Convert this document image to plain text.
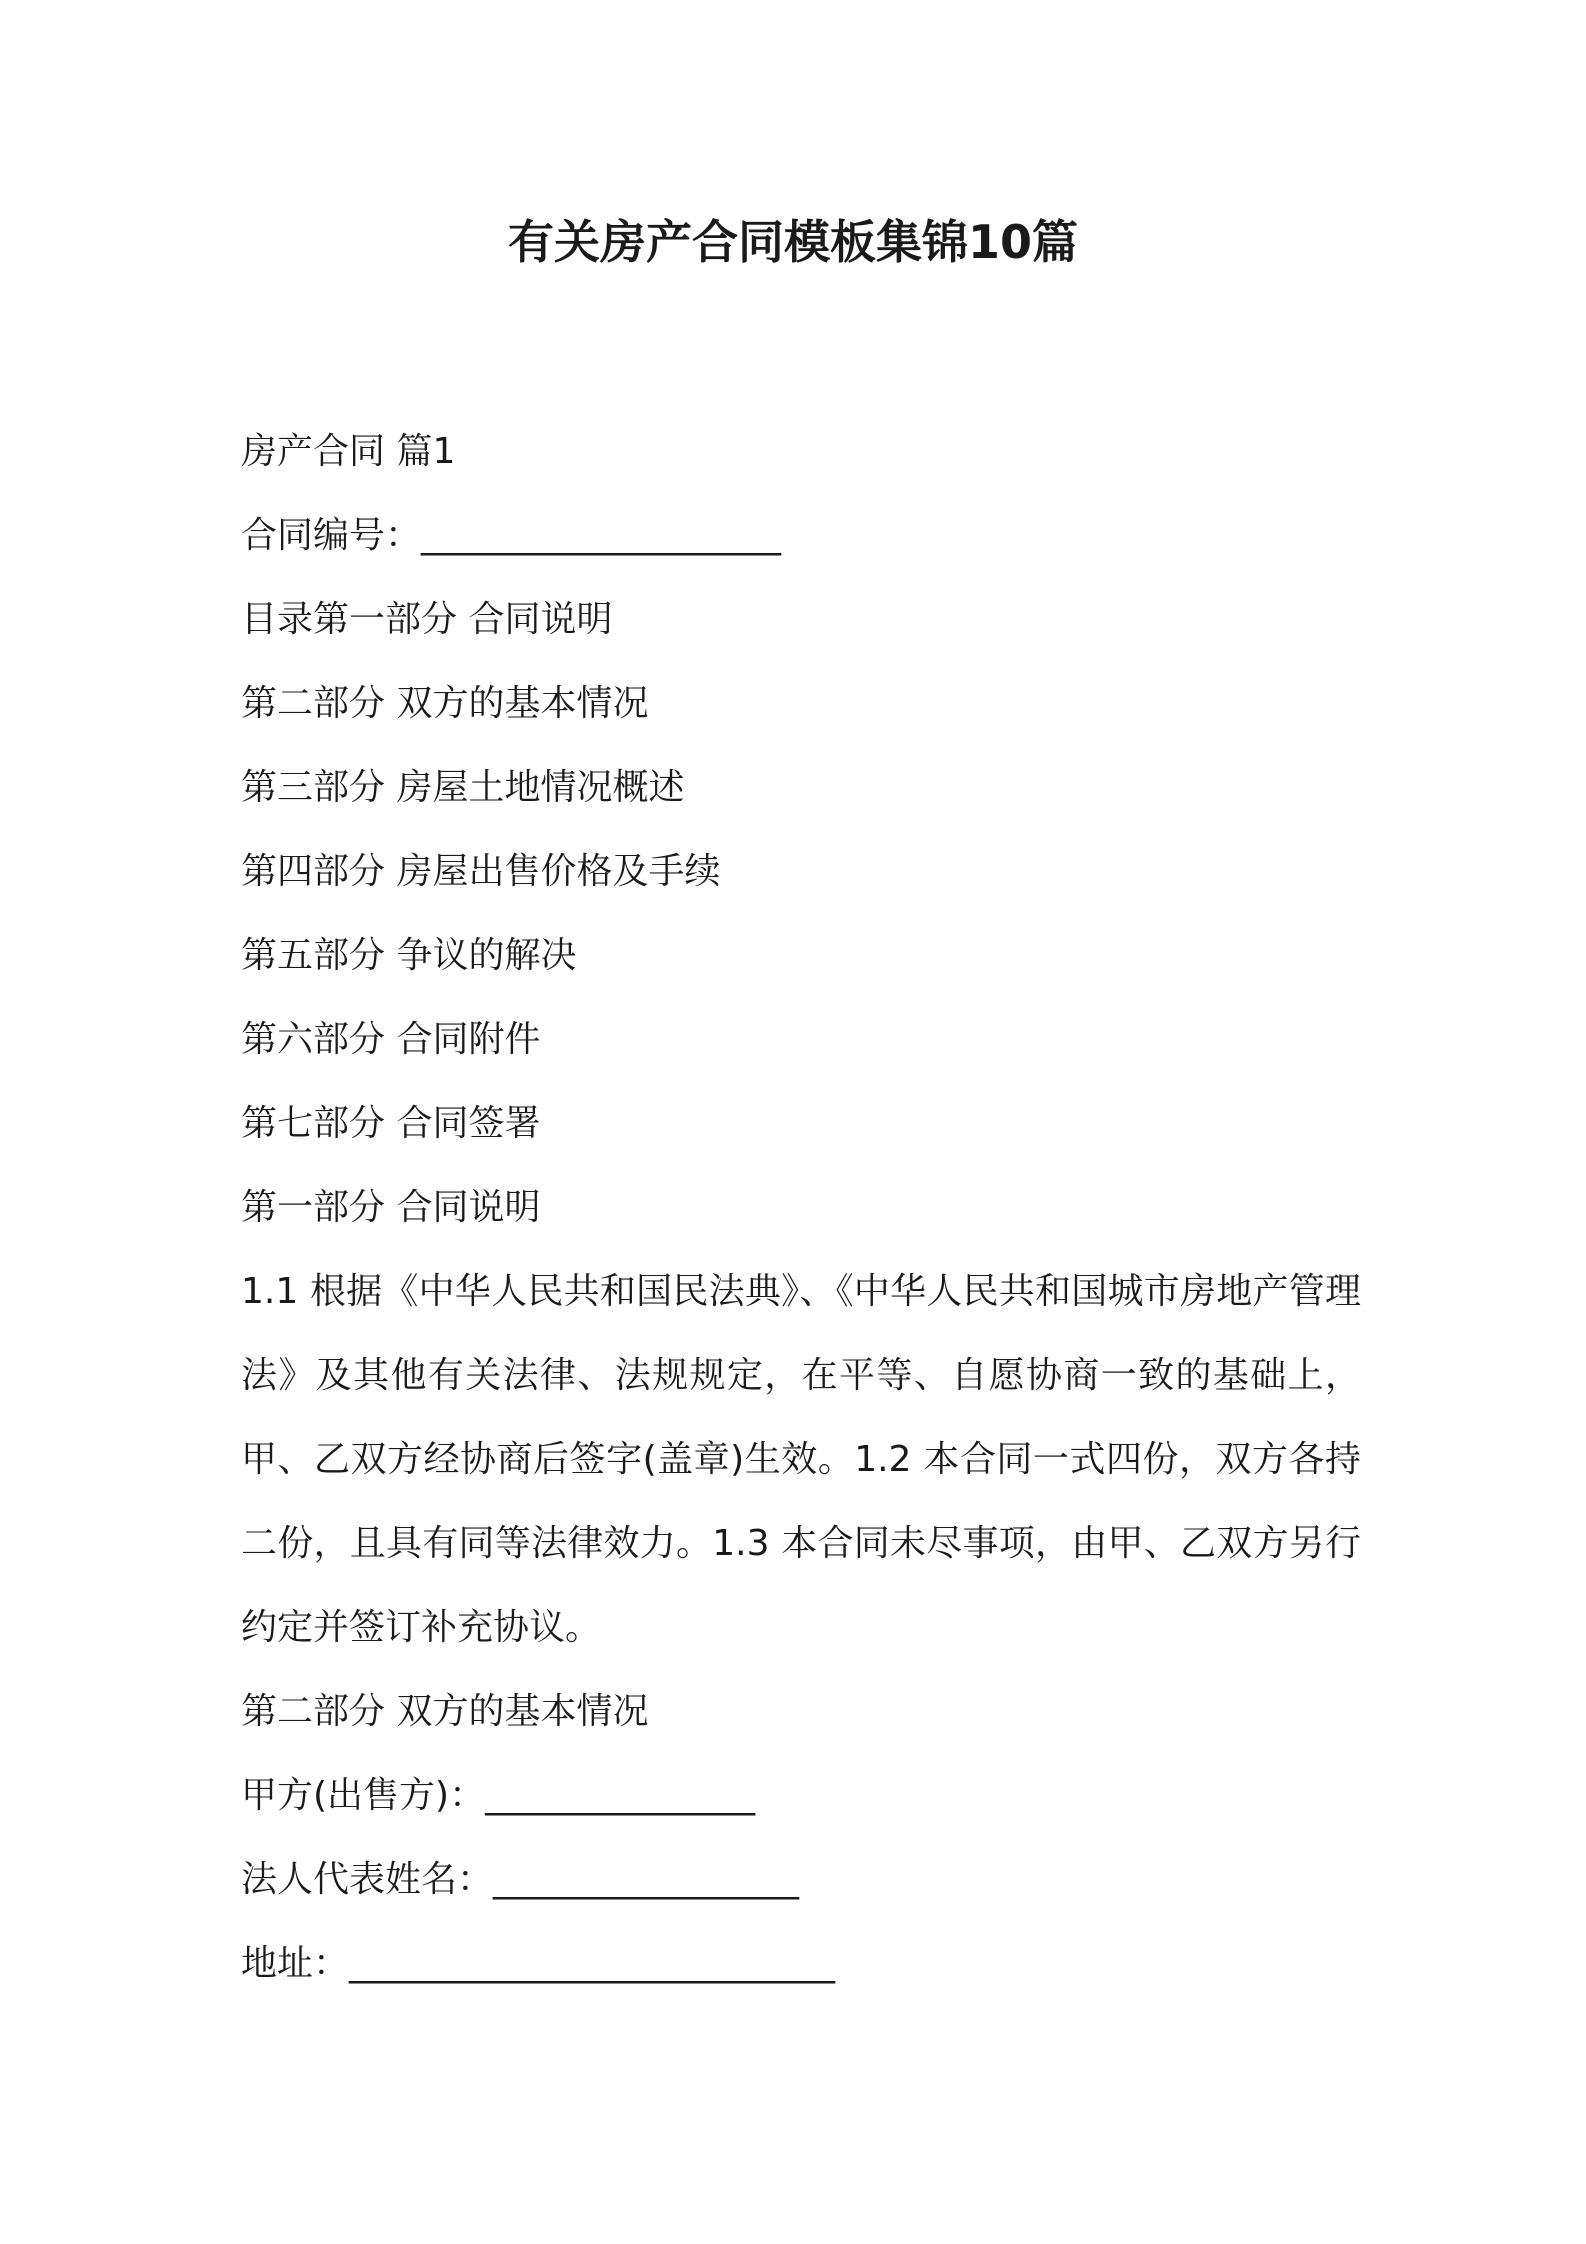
有关房产合同模板集锦10篇
房产合同 篇1
合同编号：____________________
目录第一部分 合同说明
第二部分 双方的基本情况
第三部分 房屋土地情况概述
第四部分 房屋出售价格及手续
第五部分 争议的解决
第六部分 合同附件
第七部分 合同签署
第一部分 合同说明
1.1 根据《中华人民共和国民法典》、《中华人民共和国城市房地产管理法》及其他有关法律、法规规定，在平等、自愿协商一致的基础上，甲、乙双方经协商后签字(盖章)生效。1.2 本合同一式四份，双方各持二份，且具有同等法律效力。1.3 本合同未尽事项，由甲、乙双方另行约定并签订补充协议。
第二部分 双方的基本情况
甲方(出售方)：_______________
法人代表姓名：_________________
地址：___________________________
